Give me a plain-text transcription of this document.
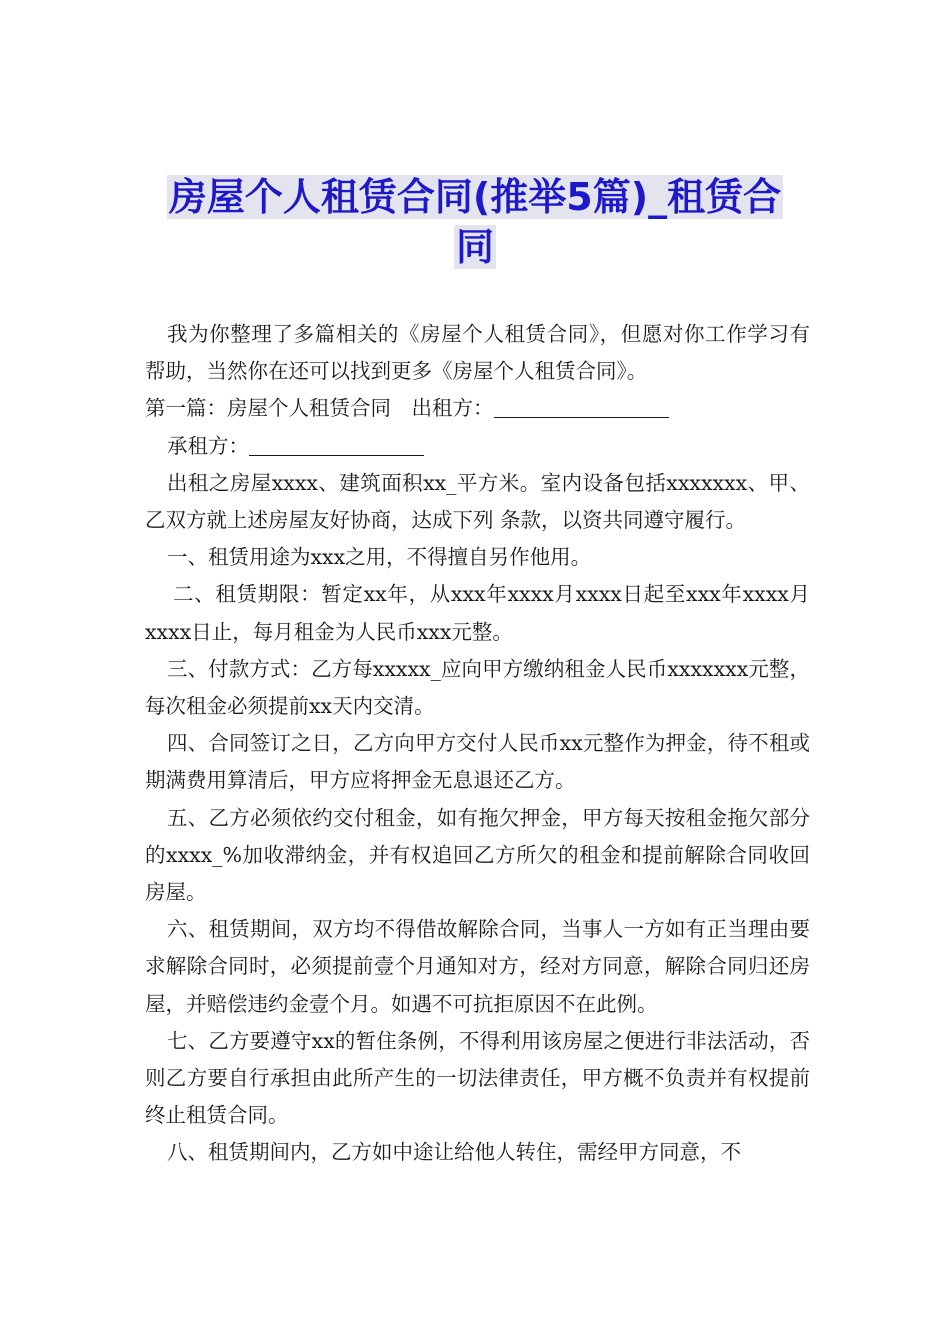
房屋个人租赁合同(推举5篇)_租赁合
同

我为你整理了多篇相关的《房屋个人租赁合同》，但愿对你工作学习有帮助，当然你在还可以找到更多《房屋个人租赁合同》。

第一篇：房屋个人租赁合同　出租方：

承租方：

出租之房屋xxxx、建筑面积xx_平方米。室内设备包括xxxxxxx、甲、乙双方就上述房屋友好协商，达成下列 条款，以资共同遵守履行。

一、租赁用途为xxx之用，不得擅自另作他用。

二、租赁期限：暂定xx年，从xxx年xxxx月xxxx日起至xxx年xxxx月xxxx日止，每月租金为人民币xxx元整。

三、付款方式：乙方每xxxxx_应向甲方缴纳租金人民币xxxxxxx元整，每次租金必须提前xx天内交清。

四、合同签订之日，乙方向甲方交付人民币xx元整作为押金，待不租或期满费用算清后，甲方应将押金无息退还乙方。

五、乙方必须依约交付租金，如有拖欠押金，甲方每天按租金拖欠部分的xxxx_%加收滞纳金，并有权追回乙方所欠的租金和提前解除合同收回房屋。

六、租赁期间，双方均不得借故解除合同，当事人一方如有正当理由要求解除合同时，必须提前壹个月通知对方，经对方同意，解除合同归还房屋，并赔偿违约金壹个月。如遇不可抗拒原因不在此例。

七、乙方要遵守xx的暂住条例，不得利用该房屋之便进行非法活动，否则乙方要自行承担由此所产生的一切法律责任，甲方概不负责并有权提前终止租赁合同。

八、租赁期间内，乙方如中途让给他人转住，需经甲方同意，不
